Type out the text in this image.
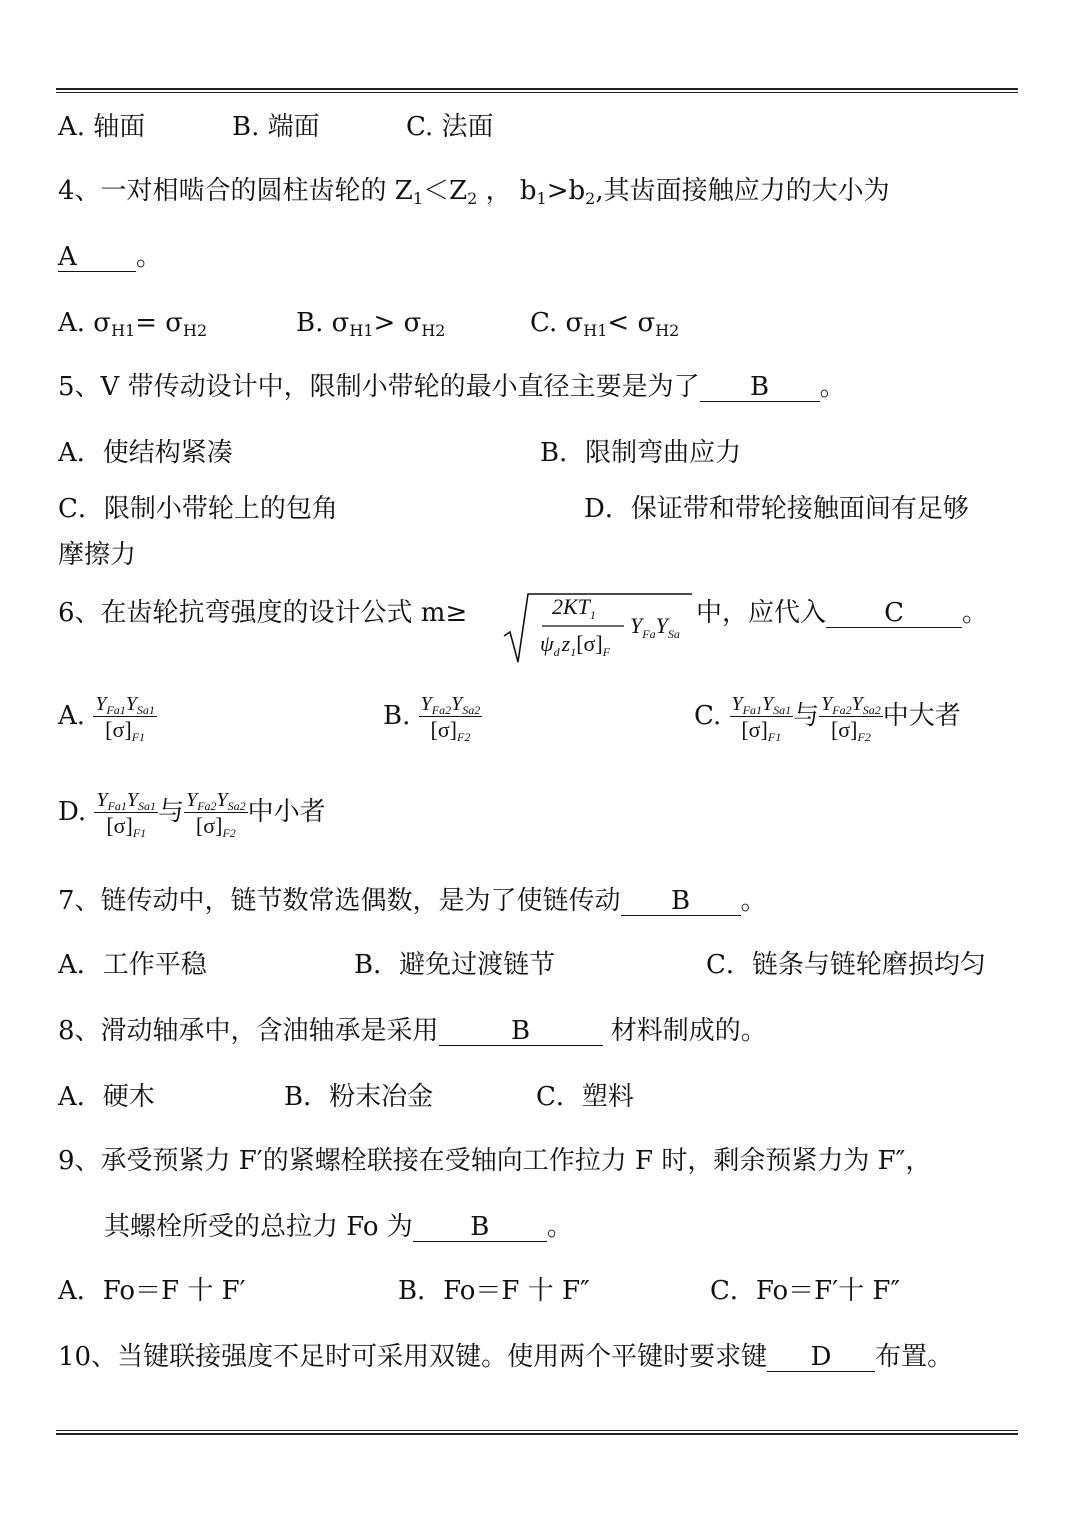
A. 轴面	B. 端面	C. 法面
4、一对相啮合的圆柱齿轮的 $Z_1<Z_2$ ， $b_1>b_2$,其齿面接触应力的大小为
A 。
A. $\sigma_{H1}= \sigma_{H2}$	B. $\sigma_{H1}> \sigma_{H2}$	C. $\sigma_{H1}< \sigma_{H2}$
5、V 带传动设计中，限制小带轮的最小直径主要是为了 B 。
A．使结构紧凑	B．限制弯曲应力
C．限制小带轮上的包角	D．保证带和带轮接触面间有足够
摩擦力
6、在齿轮抗弯强度的设计公式 m≥	$2KT_1$
$\psi_dz_1[\sigma]_F$
$Y_{Fa}Y_{Sa}$
中，应代入 C 。
A. $\frac{Y_{Fa1}Y_{Sa1}}{[\sigma]_{F1}}$	B. $\frac{Y_{Fa2}Y_{Sa2}}{[\sigma]_{F2}}$	C. $\frac{Y_{Fa1}Y_{Sa1}}{[\sigma]_{F1}}$ 与 $\frac{Y_{Fa2}Y_{Sa2}}{[\sigma]_{F2}}$ 中大者
D. $\frac{Y_{Fa1}Y_{Sa1}}{[\sigma]_{F1}}$ 与 $\frac{Y_{Fa2}Y_{Sa2}}{[\sigma]_{F2}}$ 中小者
7、链传动中，链节数常选偶数，是为了使链传动 B 。
A．工作平稳	B．避免过渡链节	C．链条与链轮磨损均匀
8、滑动轴承中，含油轴承是采用	B	材料制成的。
A．硬木	B．粉末冶金	C．塑料
9、承受预紧力 F′的紧螺栓联接在受轴向工作拉力 F 时，剩余预紧力为 F″，
其螺栓所受的总拉力 Fo 为 B 。
A．Fo＝F 十 F′	B．Fo＝F 十 F″	C．Fo＝F′十 F″
10、当键联接强度不足时可采用双键。使用两个平键时要求键 D 布置。
